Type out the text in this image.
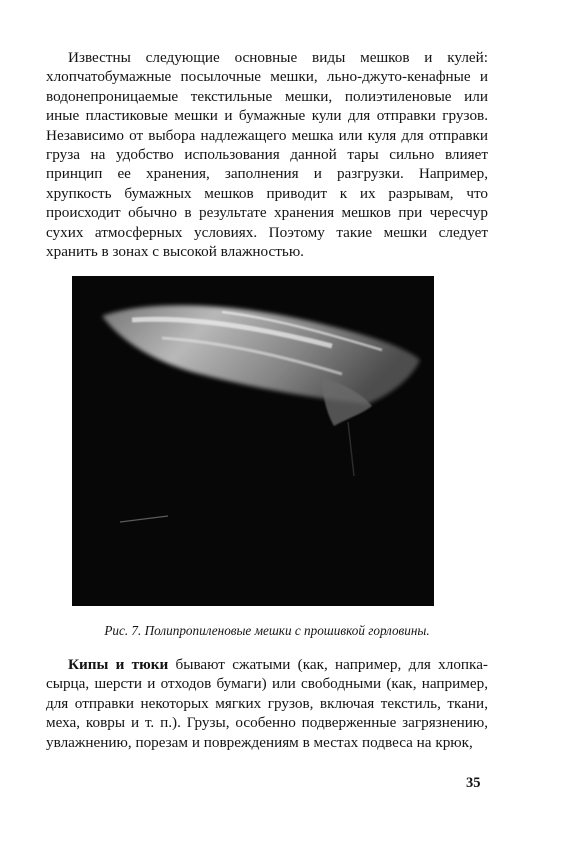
Известны следующие основные виды мешков и кулей: хлопчатобумажные посылочные мешки, льно-джуто-кенафные и водонепроницаемые текстильные мешки, полиэтиленовые или иные пластиковые мешки и бумажные кули для отправки грузов. Независимо от выбора надлежащего мешка или куля для отправки груза на удобство использования данной тары сильно влияет принцип ее хранения, заполнения и разгрузки. Например, хрупкость бумажных мешков приводит к их разрывам, что происходит обычно в результате хранения мешков при чересчур сухих атмосферных условиях. Поэтому такие мешки следует хранить в зонах с высокой влажностью.

Рис. 7. Полипропиленовые мешки с прошивкой горловины.

Кипы и тюки бывают сжатыми (как, например, для хлопка-сырца, шерсти и отходов бумаги) или свободными (как, например, для отправки некоторых мягких грузов, включая текстиль, ткани, меха, ковры и т. п.). Грузы, особенно подверженные загрязнению, увлажнению, порезам и повреждениям в местах подвеса на крюк,

35
